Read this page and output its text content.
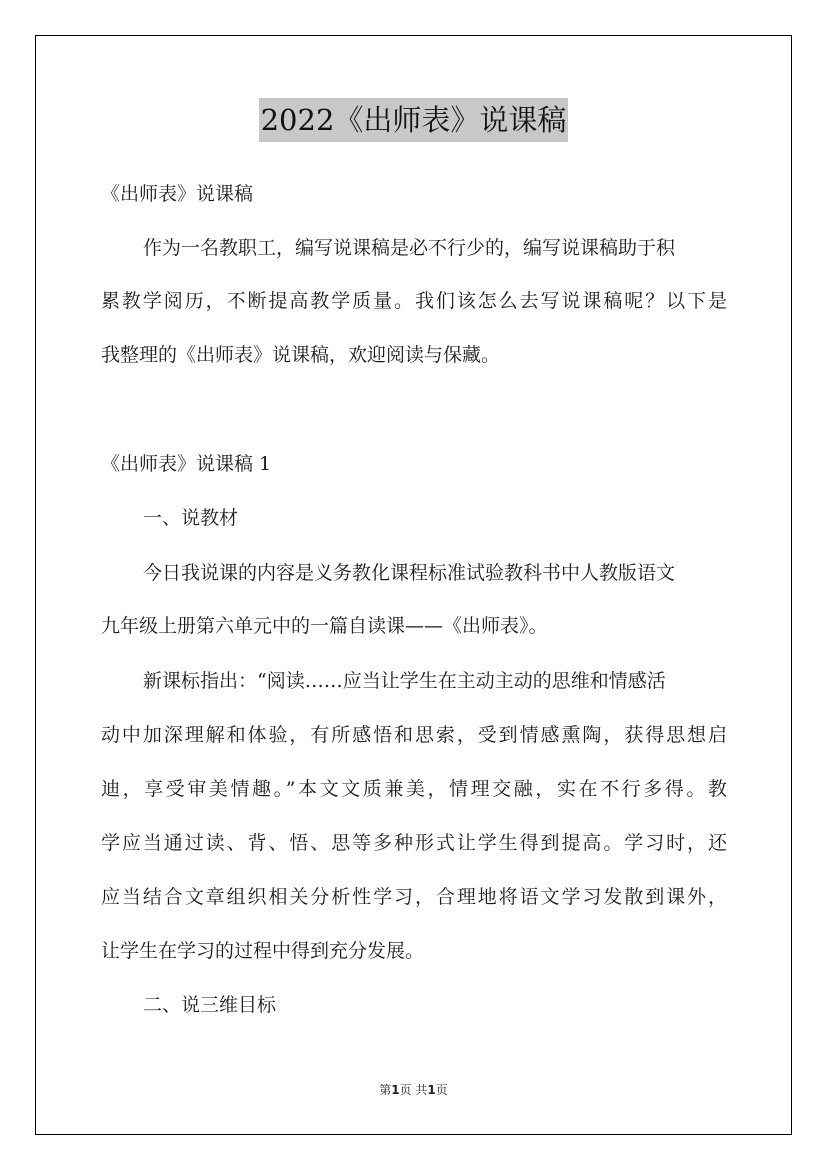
2022《出师表》说课稿
《出师表》说课稿
作为一名教职工，编写说课稿是必不行少的，编写说课稿助于积
累教学阅历，不断提高教学质量。我们该怎么去写说课稿呢？以下是
我整理的《出师表》说课稿，欢迎阅读与保藏。
《出师表》说课稿 1
一、说教材
今日我说课的内容是义务教化课程标准试验教科书中人教版语文
九年级上册第六单元中的一篇自读课——《出师表》。
新课标指出：“阅读……应当让学生在主动主动的思维和情感活
动中加深理解和体验，有所感悟和思索，受到情感熏陶，获得思想启
迪，享受审美情趣。”本文文质兼美，情理交融，实在不行多得。教
学应当通过读、背、悟、思等多种形式让学生得到提高。学习时，还
应当结合文章组织相关分析性学习，合理地将语文学习发散到课外，
让学生在学习的过程中得到充分发展。
二、说三维目标
第1页 共1页
